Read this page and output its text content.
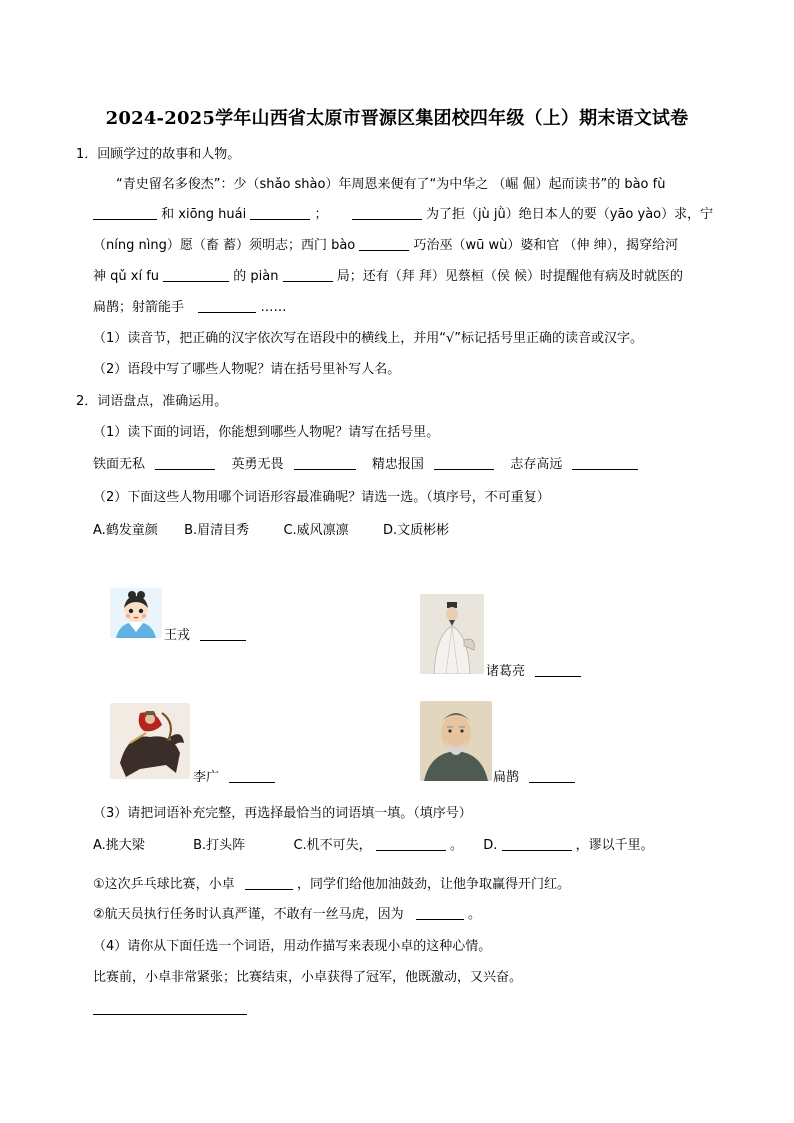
2024-2025学年山西省太原市晋源区集团校四年级（上）期末语文试卷
1．回顾学过的故事和人物。
“青史留名多俊杰”：少（shǎo shào）年周恩来便有了“为中华之 （崛 倔）起而读书”的 bào fù
和 xiōng huái	；	为了拒（jù jǜ）绝日本人的要（yāo yào）求，宁
（níng nìng）愿（畜 蓄）须明志；西门 bào	巧治巫（wū wù）婆和官 （伸 绅），揭穿给河
神 qǔ xí fu	的 piàn	局；还有（拜 拜）见蔡桓（侯 候）时提醒他有病及时就医的
扁鹊；射箭能手	……
（1）读音节，把正确的汉字依次写在语段中的横线上，并用“√”标记括号里正确的读音或汉字。
（2）语段中写了哪些人物呢？请在括号里补写人名。
2．词语盘点，准确运用。
（1）读下面的词语，你能想到哪些人物呢？请写在括号里。
铁面无私	英勇无畏	精忠报国	志存高远
（2）下面这些人物用哪个词语形容最准确呢？请选一选。（填序号，不可重复）
A.鹤发童颜 B.眉清目秀	C.威风凛凛	D.文质彬彬
王戎
诸葛亮
李广	扁鹊
（3）请把词语补充完整，再选择最恰当的词语填一填。（填序号）
A.挑大梁	B.打头阵	C.机不可失，	。 D.	，谬以千里。
①这次乒乓球比赛，小卓	，同学们给他加油鼓劲，让他争取赢得开门红。
②航天员执行任务时认真严谨，不敢有一丝马虎，因为	。
（4）请你从下面任选一个词语，用动作描写来表现小卓的这种心情。
比赛前，小卓非常紧张；比赛结束，小卓获得了冠军，他既激动，又兴奋。
